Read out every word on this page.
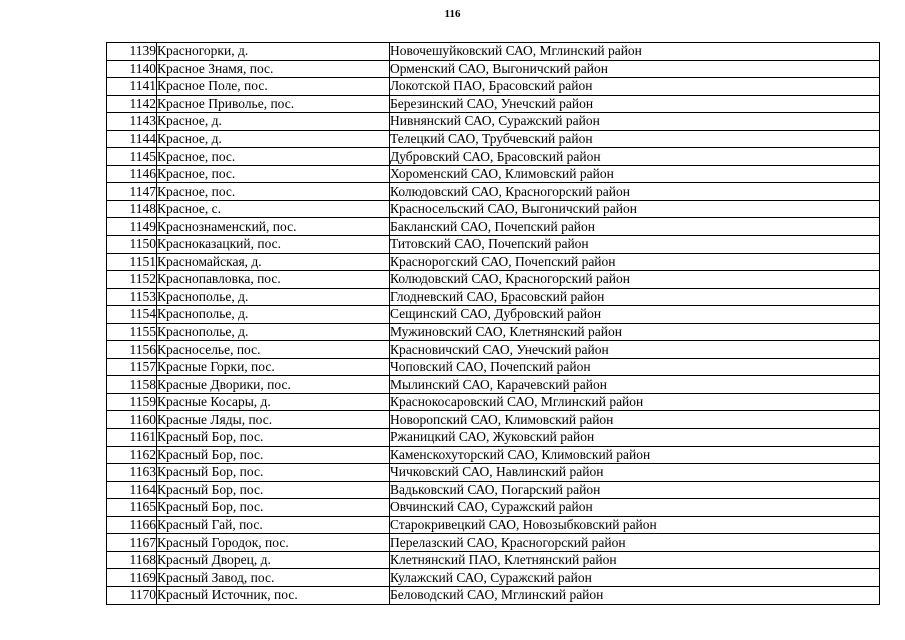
116
1139	Красногорки, д.	Новочешуйковский САО, Мглинский район
1140	Красное Знамя, пос.	Орменский САО, Выгоничский район
1141	Красное Поле, пос.	Локотской ПАО, Брасовский район
1142	Красное Привольe, пос.	Березинский САО, Унечский район
1143	Красное, д.	Нивнянский САО, Суражский район
1144	Красное, д.	Телецкий САО, Трубчевский район
1145	Красное, пос.	Дубровский САО, Брасовский район
1146	Красное, пос.	Хороменский САО, Климовский район
1147	Красное, пос.	Колюдовский САО, Красногорский район
1148	Красное, с.	Красносельский САО, Выгоничский район
1149	Краснознаменский, пос.	Бакланский САО, Почепский район
1150	Красноказацкий, пос.	Титовский САО, Почепский район
1151	Красномайская, д.	Краснорогский САО, Почепский район
1152	Краснопавловка, пос.	Колюдовский САО, Красногорский район
1153	Краснополье, д.	Глодневский САО, Брасовский район
1154	Краснополье, д.	Сещинский САО, Дубровский район
1155	Краснополье, д.	Мужиновский САО, Клетнянский район
1156	Красноселье, пос.	Красновичский САО, Унечский район
1157	Красные Горки, пос.	Чоповский САО, Почепский район
1158	Красные Дворики, пос.	Мылинский САО, Карачевский район
1159	Красные Косары, д.	Краснокосаровский САО, Мглинский район
1160	Красные Ляды, пос.	Новоропский САО, Климовский район
1161	Красный Бор, пос.	Ржаницкий САО, Жуковский район
1162	Красный Бор, пос.	Каменскохуторский САО, Климовский район
1163	Красный Бор, пос.	Чичковский САО, Навлинский район
1164	Красный Бор, пос.	Вадьковский САО, Погарский район
1165	Красный Бор, пос.	Овчинский САО, Суражский район
1166	Красный Гай, пос.	Старокривецкий САО, Новозыбковский район
1167	Красный Городок, пос.	Перелазский САО, Красногорский район
1168	Красный Дворец, д.	Клетнянский ПАО, Клетнянский район
1169	Красный Завод, пос.	Кулажский САО, Суражский район
1170	Красный Источник, пос.	Беловодский САО, Мглинский район
